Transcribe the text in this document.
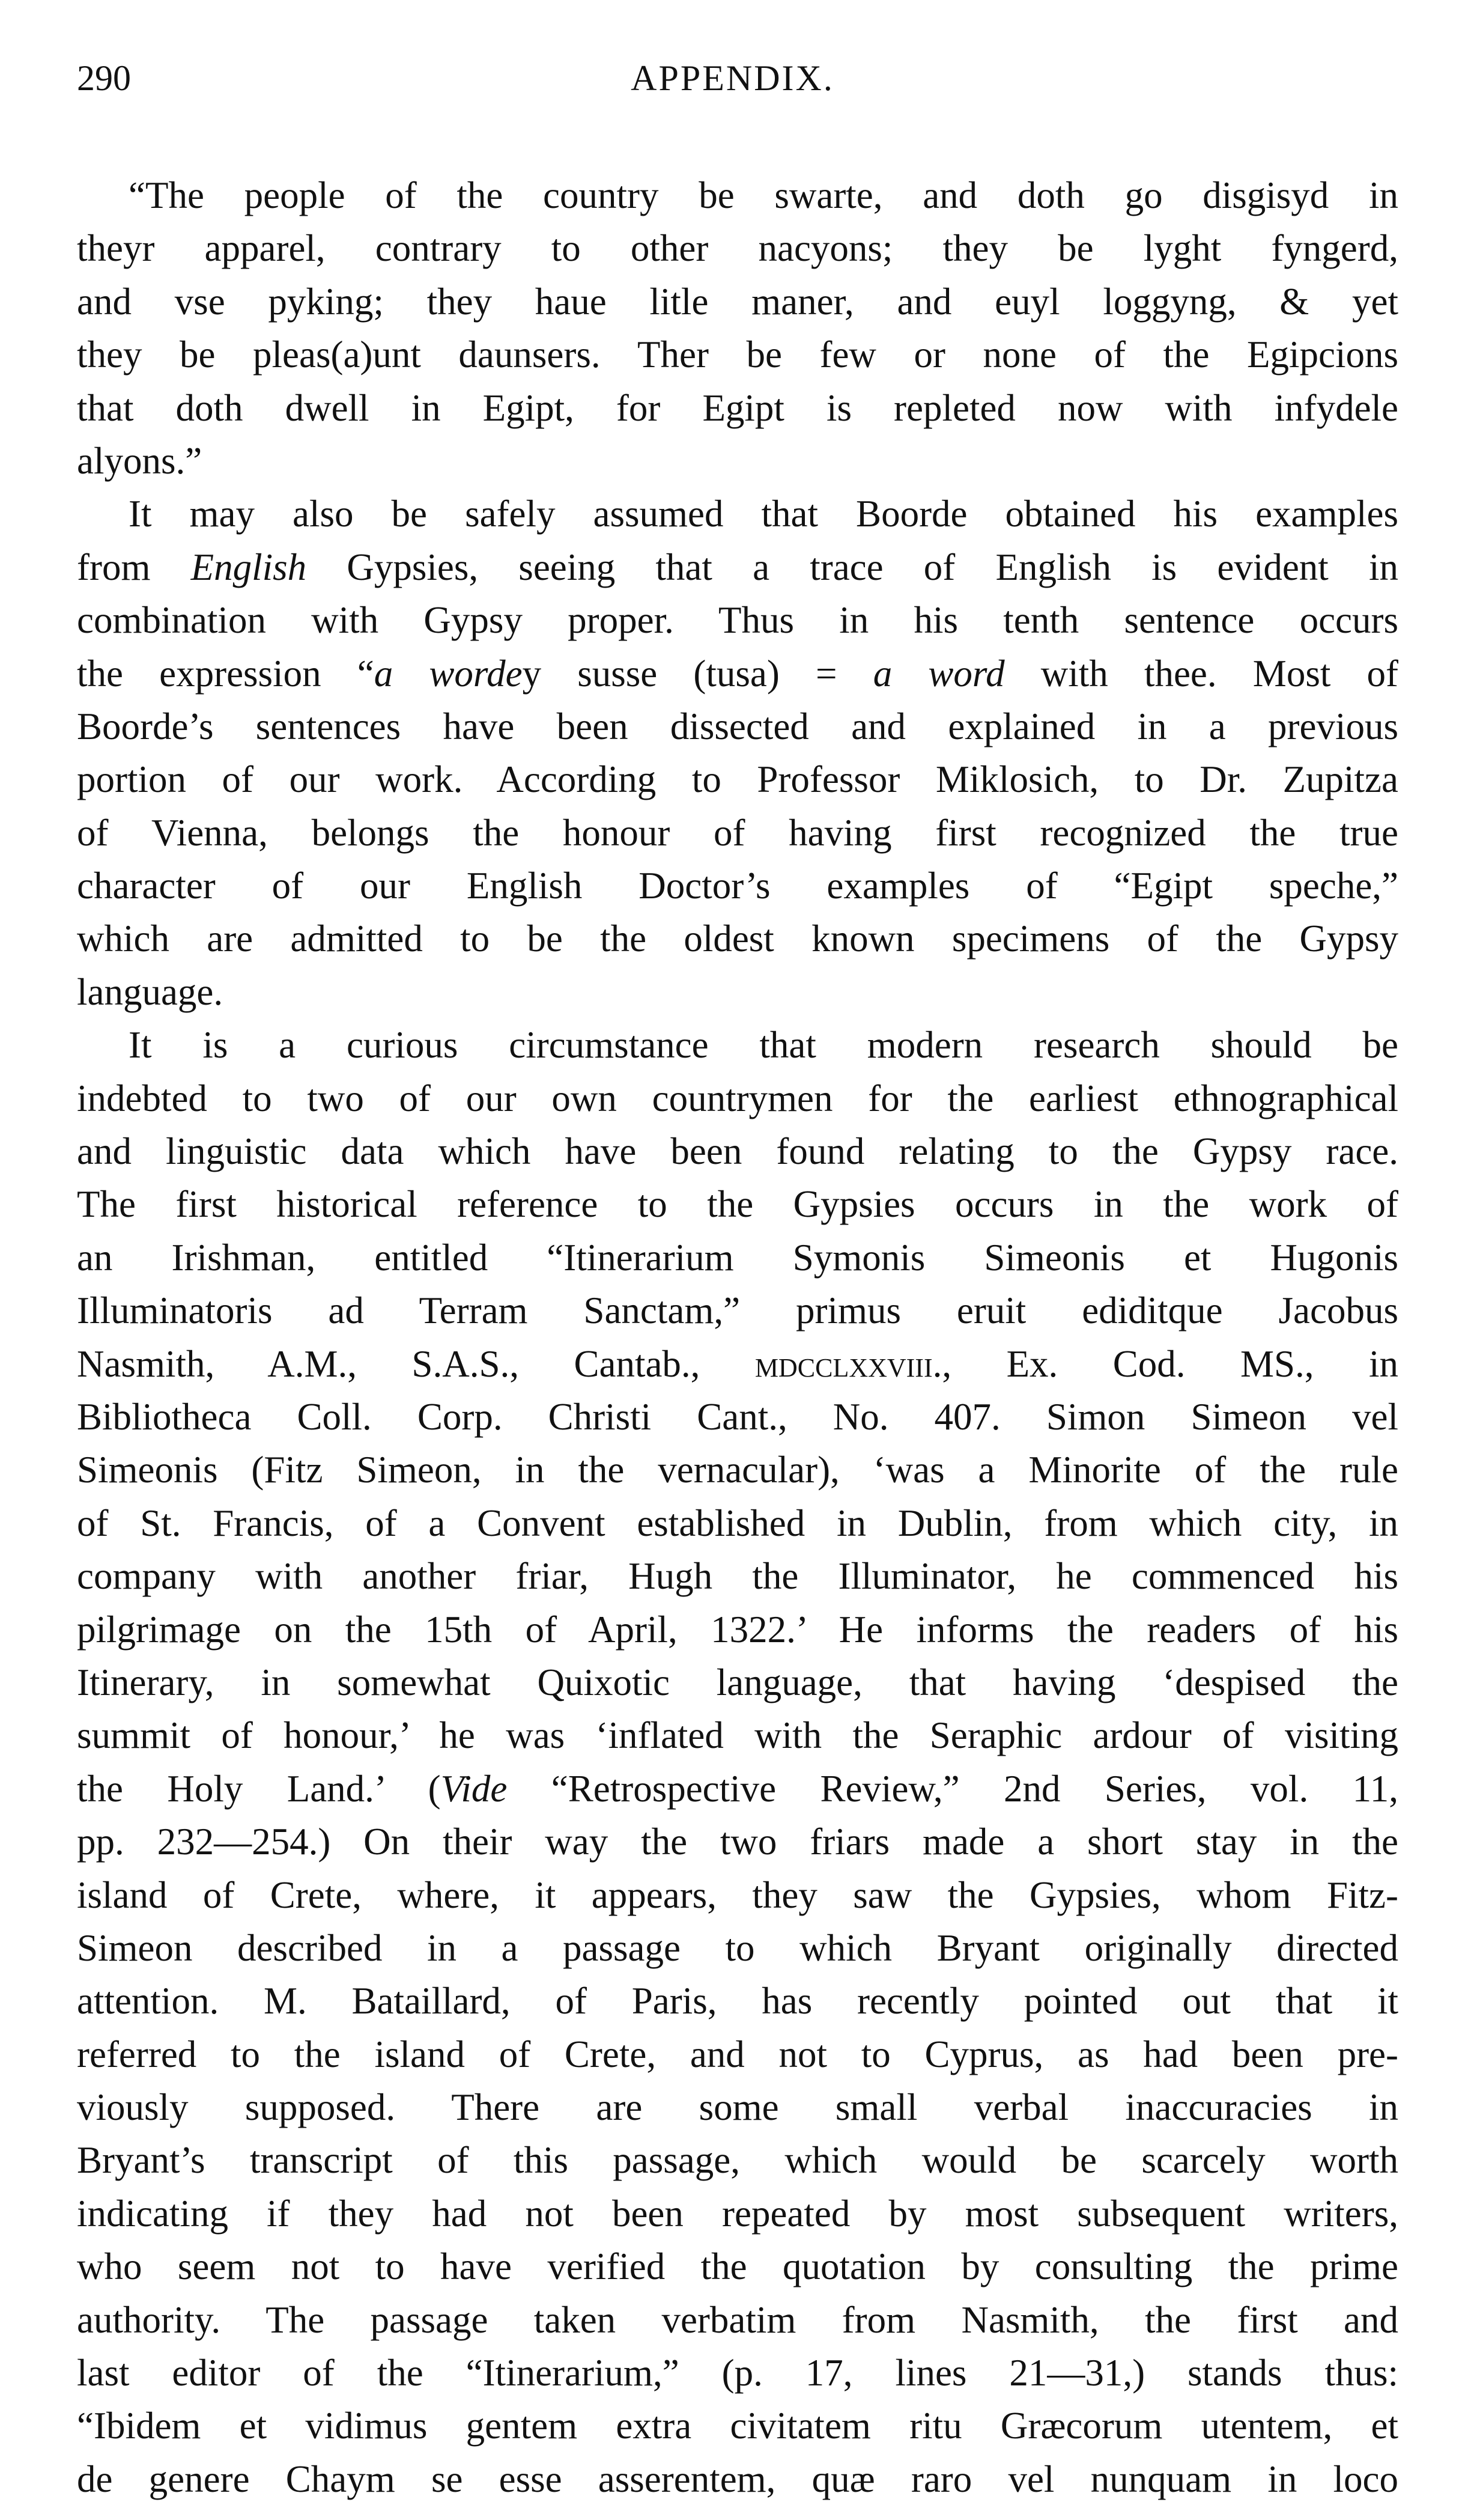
290	APPENDIX.
“The people of the country be swarte, and doth go disgisyd in
theyr apparel, contrary to other nacyons; they be lyght fyngerd,
and vse pyking; they haue litle maner, and euyl loggyng, & yet
they be pleas(a)unt daunsers. Ther be few or none of the Egipcions
that doth dwell in Egipt, for Egipt is repleted now with infydele
alyons.”
It may also be safely assumed that Boorde obtained his examples
from English Gypsies, seeing that a trace of English is evident in
combination with Gypsy proper. Thus in his tenth sentence occurs
the expression “a wordey susse (tusa) = a word with thee. Most of
Boorde’s sentences have been dissected and explained in a previous
portion of our work. According to Professor Miklosich, to Dr. Zupitza
of Vienna, belongs the honour of having first recognized the true
character of our English Doctor’s examples of “Egipt speche,”
which are admitted to be the oldest known specimens of the Gypsy
language.
It is a curious circumstance that modern research should be
indebted to two of our own countrymen for the earliest ethnographical
and linguistic data which have been found relating to the Gypsy race.
The first historical reference to the Gypsies occurs in the work of
an Irishman, entitled “Itinerarium Symonis Simeonis et Hugonis
Illuminatoris ad Terram Sanctam,” primus eruit ediditque Jacobus
Nasmith, A.M., S.A.S., Cantab., mdcclxxviii., Ex. Cod. MS., in
Bibliotheca Coll. Corp. Christi Cant., No. 407. Simon Simeon vel
Simeonis (Fitz Simeon, in the vernacular), ‘was a Minorite of the rule
of St. Francis, of a Convent established in Dublin, from which city, in
company with another friar, Hugh the Illuminator, he commenced his
pilgrimage on the 15th of April, 1322.’ He informs the readers of his
Itinerary, in somewhat Quixotic language, that having ‘despised the
summit of honour,’ he was ‘inflated with the Seraphic ardour of visiting
the Holy Land.’ (Vide “Retrospective Review,” 2nd Series, vol. 11,
pp. 232—254.) On their way the two friars made a short stay in the
island of Crete, where, it appears, they saw the Gypsies, whom Fitz-
Simeon described in a passage to which Bryant originally directed
attention. M. Bataillard, of Paris, has recently pointed out that it
referred to the island of Crete, and not to Cyprus, as had been pre-
viously supposed. There are some small verbal inaccuracies in
Bryant’s transcript of this passage, which would be scarcely worth
indicating if they had not been repeated by most subsequent writers,
who seem not to have verified the quotation by consulting the prime
authority. The passage taken verbatim from Nasmith, the first and
last editor of the “Itinerarium,” (p. 17, lines 21—31,) stands thus:
“Ibidem et vidimus gentem extra civitatem ritu Græcorum utentem, et
de genere Chaym se esse asserentem, quæ raro vel nunquam in loco
